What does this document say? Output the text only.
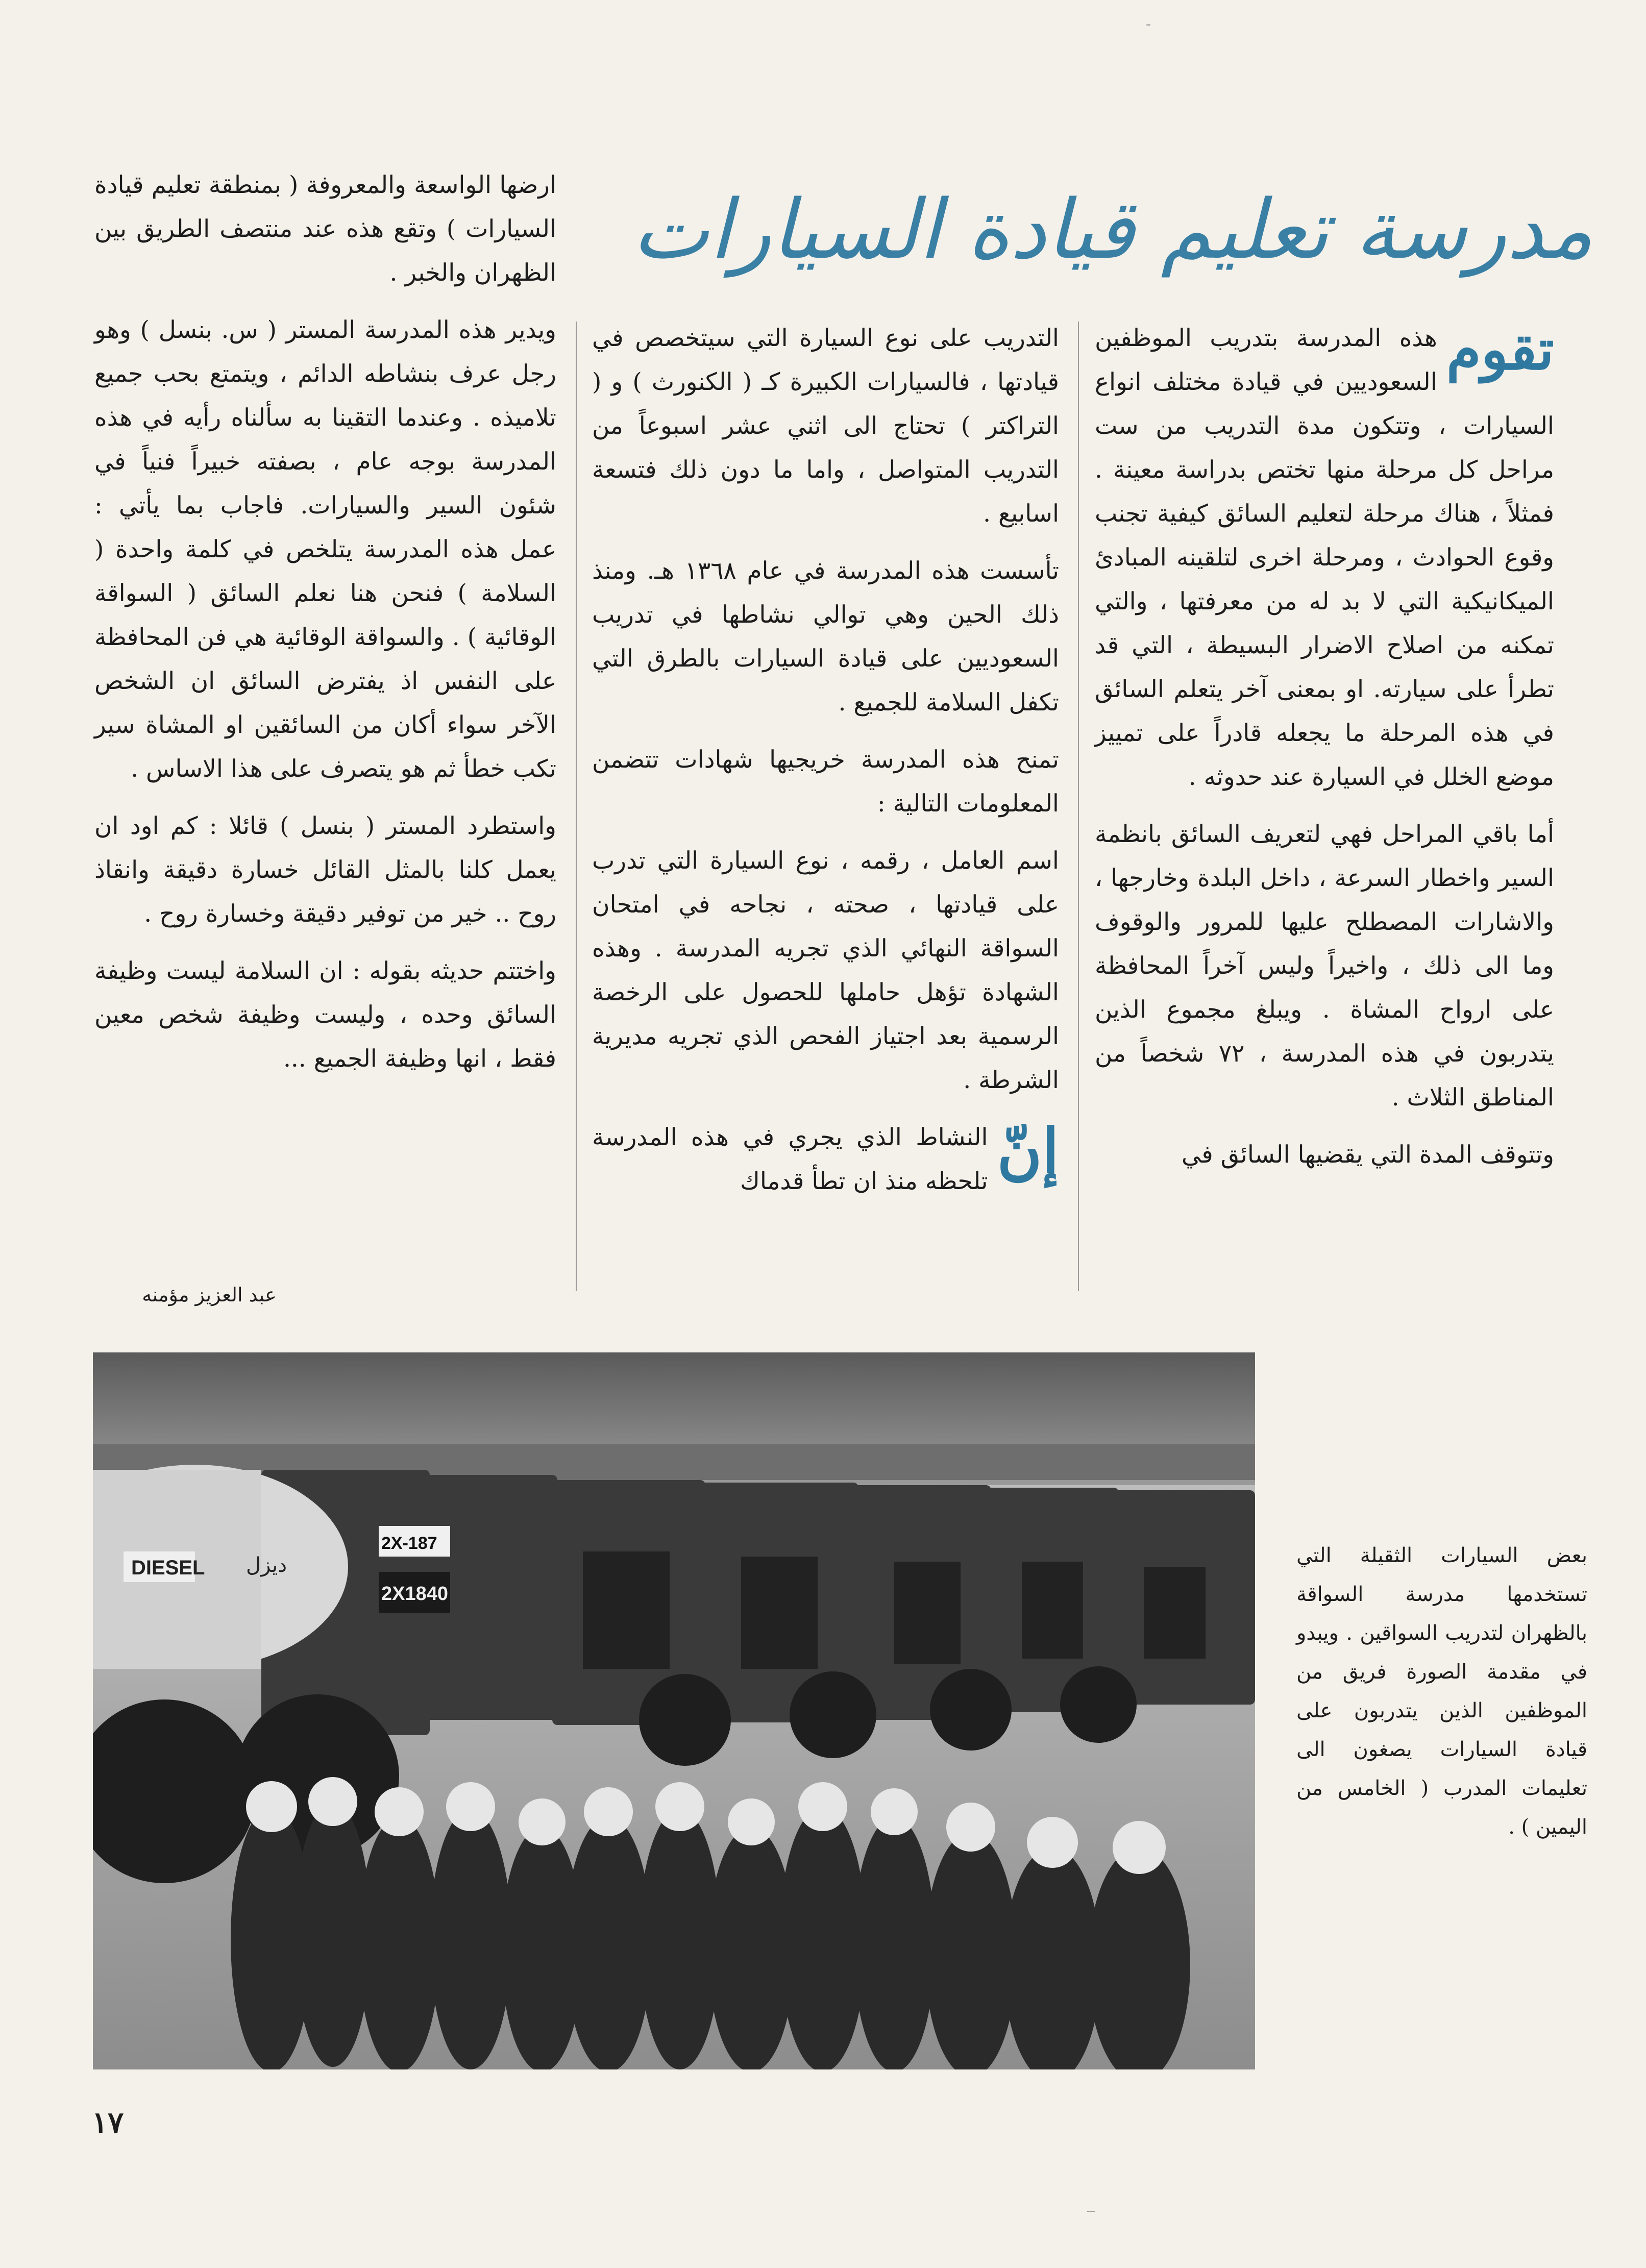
-
مدرسة تعليم قيادة السيارات

تقوم
هذه المدرسة بتدريب الموظفين السعوديين في قيادة مختلف انواع السيارات ، وتتكون مدة التدريب من ست مراحل كل مرحلة منها تختص بدراسة معينة . فمثلاً ، هناك مرحلة لتعليم السائق كيفية تجنب وقوع الحوادث ، ومرحلة اخرى لتلقينه المبادئ الميكانيكية التي لا بد له من معرفتها ، والتي تمكنه من اصلاح الاضرار البسيطة ، التي قد تطرأ على سيارته. او بمعنى آخر يتعلم السائق في هذه المرحلة ما يجعله قادراً على تمييز موضع الخلل في السيارة عند حدوثه .

أما باقي المراحل فهي لتعريف السائق بانظمة السير واخطار السرعة ، داخل البلدة وخارجها ، والاشارات المصطلح عليها للمرور والوقوف وما الى ذلك ، واخيراً وليس آخراً المحافظة على ارواح المشاة . ويبلغ مجموع الذين يتدربون في هذه المدرسة ، ٧٢ شخصاً من المناطق الثلاث .

وتتوقف المدة التي يقضيها السائق في

التدريب على نوع السيارة التي سيتخصص في قيادتها ، فالسيارات الكبيرة كـ ( الكنورث ) و ( التراكتر ) تحتاج الى اثني عشر اسبوعاً من التدريب المتواصل ، واما ما دون ذلك فتسعة اسابيع .

تأسست هذه المدرسة في عام ١٣٦٨ هـ. ومنذ ذلك الحين وهي توالي نشاطها في تدريب السعوديين على قيادة السيارات بالطرق التي تكفل السلامة للجميع .

تمنح هذه المدرسة خريجيها شهادات تتضمن المعلومات التالية :

اسم العامل ، رقمه ، نوع السيارة التي تدرب على قيادتها ، صحته ، نجاحه في امتحان السواقة النهائي الذي تجريه المدرسة . وهذه الشهادة تؤهل حاملها للحصول على الرخصة الرسمية بعد اجتياز الفحص الذي تجريه مديرية الشرطة .

إنّ
النشاط الذي يجري في هذه المدرسة تلحظه منذ ان تطأ قدماك

ارضها الواسعة والمعروفة ( بمنطقة تعليم قيادة السيارات ) وتقع هذه عند منتصف الطريق بين الظهران والخبر .

ويدير هذه المدرسة المستر ( س. بنسل ) وهو رجل عرف بنشاطه الدائم ، ويتمتع بحب جميع تلاميذه . وعندما التقينا به سألناه رأيه في هذه المدرسة بوجه عام ، بصفته خبيراً فنياً في شئون السير والسيارات. فاجاب بما يأتي : عمل هذه المدرسة يتلخص في كلمة واحدة ( السلامة ) فنحن هنا نعلم السائق ( السواقة الوقائية ) . والسواقة الوقائية هي فن المحافظة على النفس اذ يفترض السائق ان الشخص الآخر سواء أكان من السائقين او المشاة سير تكب خطأ ثم هو يتصرف على هذا الاساس .

واستطرد المستر ( بنسل ) قائلا : كم اود ان يعمل كلنا بالمثل القائل خسارة دقيقة وانقاذ روح .. خير من توفير دقيقة وخسارة روح .

واختتم حديثه بقوله : ان السلامة ليست وظيفة السائق وحده ، وليست وظيفة شخص معين فقط ، انها وظيفة الجميع ...

عبد العزيز مؤمنه
DIESEL ديزل
2X-187
2X1840
بعض السيارات الثقيلة التي تستخدمها مدرسة السواقة بالظهران لتدريب السواقين . ويبدو في مقدمة الصورة فريق من الموظفين الذين يتدربون على قيادة السيارات يصغون الى تعليمات المدرب ( الخامس من اليمين ) .
١٧
_
